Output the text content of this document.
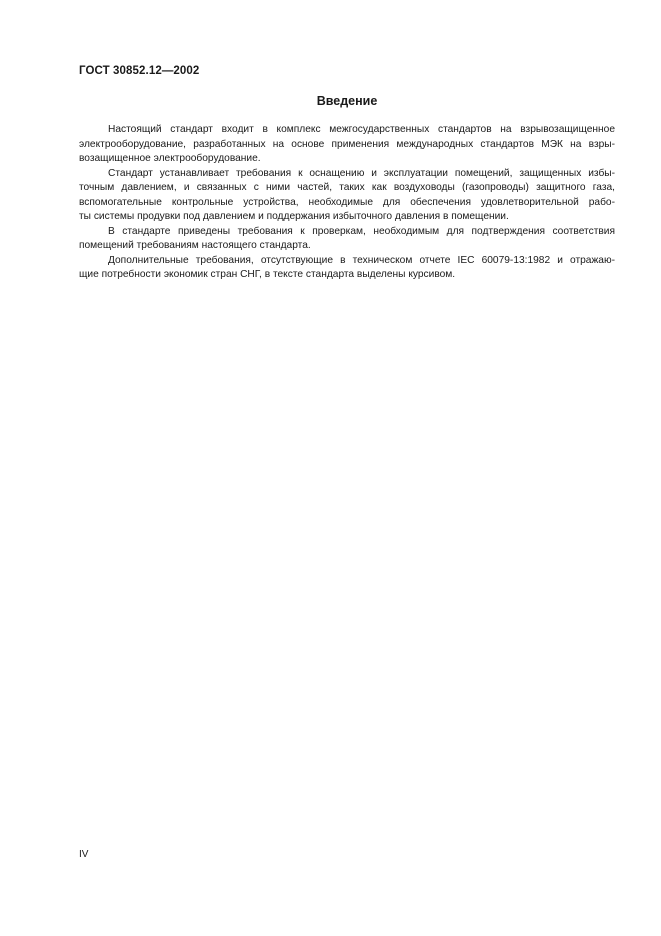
ГОСТ 30852.12—2002
Введение
Настоящий стандарт входит в комплекс межгосударственных стандартов на взрывозащищенное
электрооборудование, разработанных на основе применения международных стандартов МЭК на взры-
возащищенное электрооборудование.
Стандарт устанавливает требования к оснащению и эксплуатации помещений, защищенных избы-
точным давлением, и связанных с ними частей, таких как воздуховоды (газопроводы) защитного газа,
вспомогательные контрольные устройства, необходимые для обеспечения удовлетворительной рабо-
ты системы продувки под давлением и поддержания избыточного давления в помещении.
В стандарте приведены требования к проверкам, необходимым для подтверждения соответствия
помещений требованиям настоящего стандарта.
Дополнительные требования, отсутствующие в техническом отчете IEC 60079-13:1982 и отражаю-
щие потребности экономик стран СНГ, в тексте стандарта выделены курсивом.
IV
